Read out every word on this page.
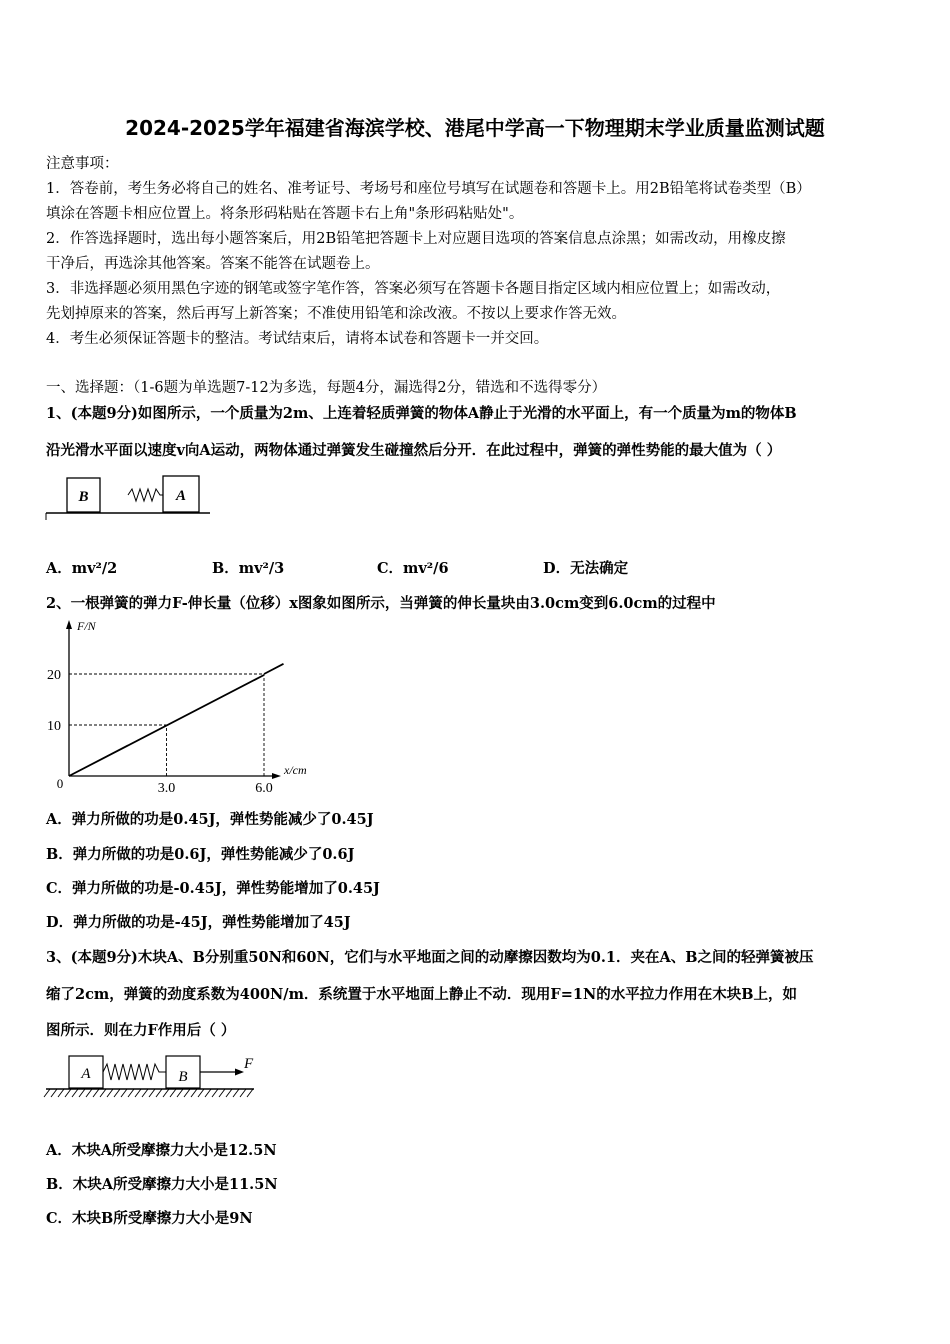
2024-2025学年福建省海滨学校、港尾中学高一下物理期末学业质量监测试题
注意事项：
1．答卷前，考生务必将自己的姓名、准考证号、考场号和座位号填写在试题卷和答题卡上。用2B铅笔将试卷类型（B）
填涂在答题卡相应位置上。将条形码粘贴在答题卡右上角"条形码粘贴处"。
2．作答选择题时，选出每小题答案后，用2B铅笔把答题卡上对应题目选项的答案信息点涂黑；如需改动，用橡皮擦
干净后，再选涂其他答案。答案不能答在试题卷上。
3．非选择题必须用黑色字迹的钢笔或签字笔作答，答案必须写在答题卡各题目指定区域内相应位置上；如需改动，
先划掉原来的答案，然后再写上新答案；不准使用铅笔和涂改液。不按以上要求作答无效。
4．考生必须保证答题卡的整洁。考试结束后，请将本试卷和答题卡一并交回。
一、选择题：（1-6题为单选题7-12为多选，每题4分，漏选得2分，错选和不选得零分）
1、(本题9分)如图所示，一个质量为2m、上连着轻质弹簧的物体A静止于光滑的水平面上，有一个质量为m的物体B
沿光滑水平面以速度v向A运动，两物体通过弹簧发生碰撞然后分开．在此过程中，弹簧的弹性势能的最大值为（ ）
B	A
A．mv²/2	B．mv²/3	C．mv²/6	D．无法确定
2、一根弹簧的弹力F-伸长量（位移）x图象如图所示，当弹簧的伸长量块由3.0cm变到6.0cm的过程中
F/N
x/cm
0	3.0	6.0
10
20
A．弹力所做的功是0.45J，弹性势能减少了0.45J
B．弹力所做的功是0.6J，弹性势能减少了0.6J
C．弹力所做的功是-0.45J，弹性势能增加了0.45J
D．弹力所做的功是-45J，弹性势能增加了45J
3、(本题9分)木块A、B分别重50N和60N，它们与水平地面之间的动摩擦因数均为0.1．夹在A、B之间的轻弹簧被压
缩了2cm，弹簧的劲度系数为400N/m．系统置于水平地面上静止不动．现用F=1N的水平拉力作用在木块B上，如
图所示．则在力F作用后（ ）
A	B
F
A．木块A所受摩擦力大小是12.5N
B．木块A所受摩擦力大小是11.5N
C．木块B所受摩擦力大小是9N
